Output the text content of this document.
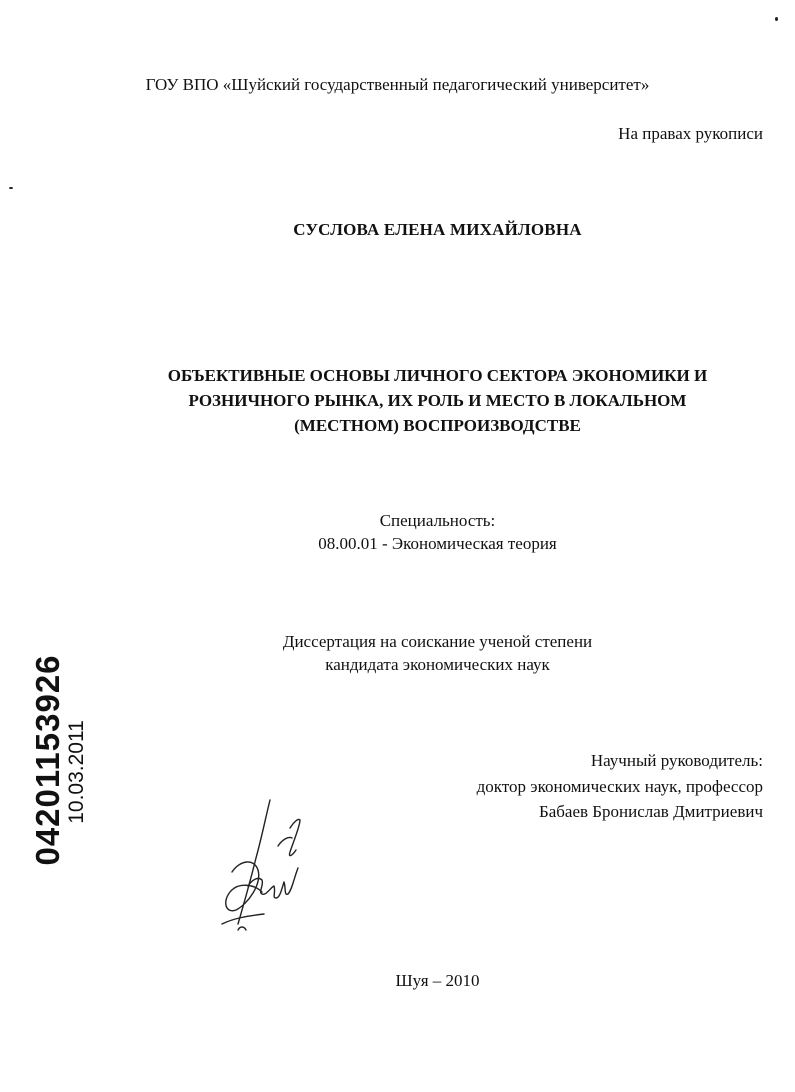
ГОУ ВПО «Шуйский государственный педагогический университет»
На правах рукописи
СУСЛОВА ЕЛЕНА МИХАЙЛОВНА
ОБЪЕКТИВНЫЕ ОСНОВЫ ЛИЧНОГО СЕКТОРА ЭКОНОМИКИ И
РОЗНИЧНОГО РЫНКА, ИХ РОЛЬ И МЕСТО В ЛОКАЛЬНОМ
(МЕСТНОМ) ВОСПРОИЗВОДСТВЕ
Специальность:
08.00.01 - Экономическая теория
Диссертация на соискание ученой степени
кандидата экономических наук
Научный руководитель:
доктор экономических наук, профессор
Бабаев Бронислав Дмитриевич
04201153926 10.03.2011
Шуя – 2010
